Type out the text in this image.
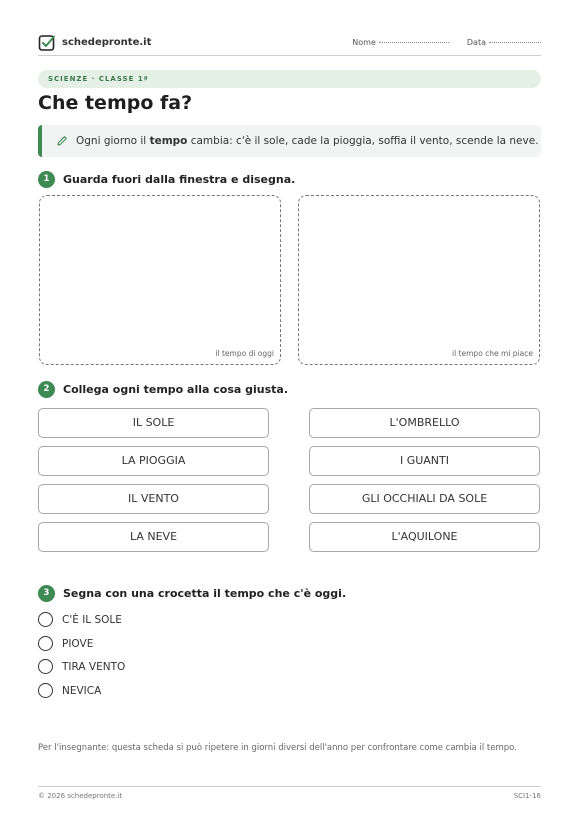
schedepronte.it	Nome	Data
SCIENZE · CLASSE 1ª
Che tempo fa?
Ogni giorno il tempo cambia: c'è il sole, cade la pioggia, soffia il vento, scende la neve.
1	Guarda fuori dalla finestra e disegna.
il tempo di oggi	il tempo che mi piace
2	Collega ogni tempo alla cosa giusta.
IL SOLE
LA PIOGGIA
IL VENTO
LA NEVE
L'OMBRELLO
I GUANTI
GLI OCCHIALI DA SOLE
L'AQUILONE
3	Segna con una crocetta il tempo che c'è oggi.
C'È IL SOLE
PIOVE
TIRA VENTO
NEVICA
Per l'insegnante: questa scheda si può ripetere in giorni diversi dell'anno per confrontare come cambia il tempo.
© 2026 schedepronte.it	SCI1-16
